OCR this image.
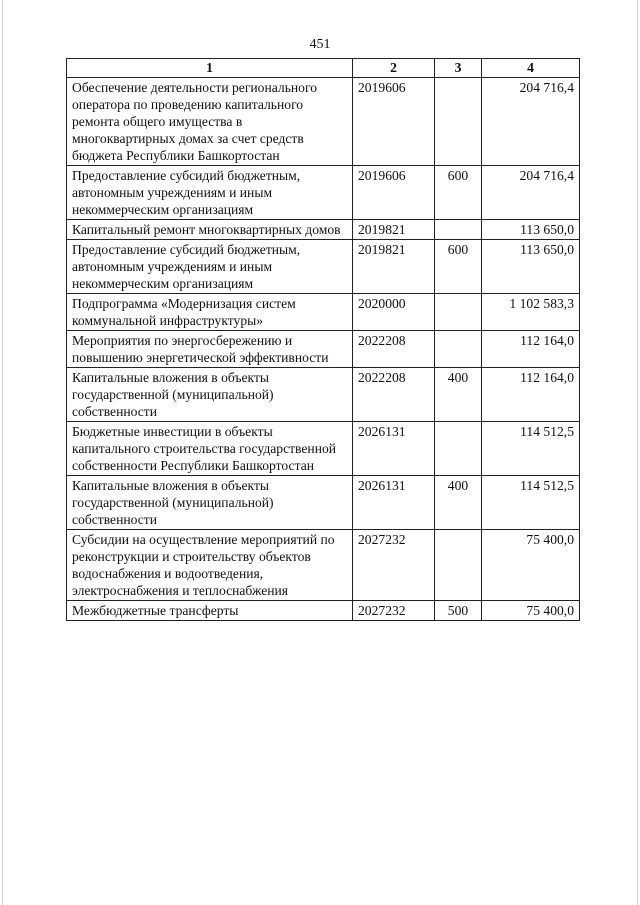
451
1	2	3	4
Обеспечение деятельности регионального оператора по проведению капитального ремонта общего имущества в многоквартирных домах за счет средств бюджета Республики Башкортостан	2019606		204 716,4
Предоставление субсидий бюджетным, автономным учреждениям и иным некоммерческим организациям	2019606	600	204 716,4
Капитальный ремонт многоквартирных домов	2019821		113 650,0
Предоставление субсидий бюджетным, автономным учреждениям и иным некоммерческим организациям	2019821	600	113 650,0
Подпрограмма «Модернизация систем коммунальной инфраструктуры»	2020000		1 102 583,3
Мероприятия по энергосбережению и повышению энергетической эффективности	2022208		112 164,0
Капитальные вложения в объекты государственной (муниципальной) собственности	2022208	400	112 164,0
Бюджетные инвестиции в объекты капитального строительства государственной собственности Республики Башкортостан	2026131		114 512,5
Капитальные вложения в объекты государственной (муниципальной) собственности	2026131	400	114 512,5
Субсидии на осуществление мероприятий по реконструкции и строительству объектов водоснабжения и водоотведения, электроснабжения и теплоснабжения	2027232		75 400,0
Межбюджетные трансферты	2027232	500	75 400,0
